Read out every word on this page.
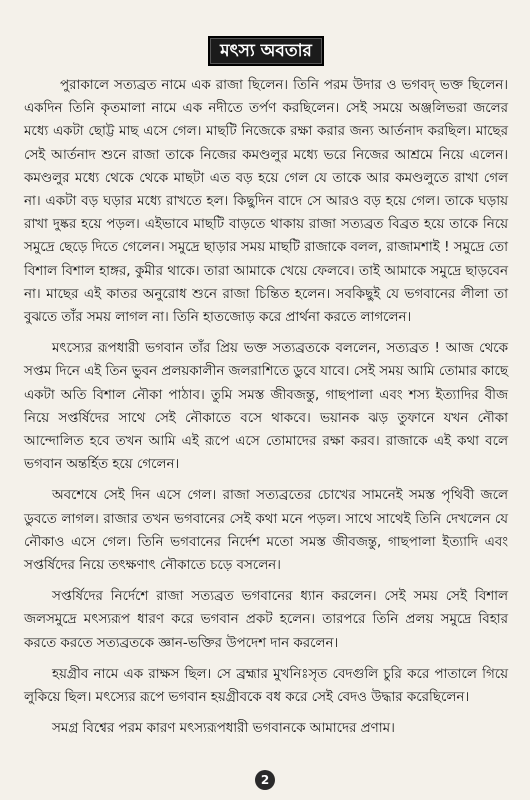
মৎস্য অবতার

পুরাকালে সত্যব্রত নামে এক রাজা ছিলেন। তিনি পরম উদার ও ভগবদ্ ভক্ত ছিলেন। একদিন তিনি কৃতমালা নামে এক নদীতে তর্পণ করছিলেন। সেই সময়ে অঞ্জলিভরা জলের মধ্যে একটা ছোট্ট মাছ এসে গেল। মাছটি নিজেকে রক্ষা করার জন্য আর্তনাদ করছিল। মাছের সেই আর্তনাদ শুনে রাজা তাকে নিজের কমণ্ডলুর মধ্যে ভরে নিজের আশ্রমে নিয়ে এলেন। কমণ্ডলুর মধ্যে থেকে থেকে মাছটা এত বড় হয়ে গেল যে তাকে আর কমণ্ডলুতে রাখা গেল না। একটা বড় ঘড়ার মধ্যে রাখতে হল। কিছুদিন বাদে সে আরও বড় হয়ে গেল। তাকে ঘড়ায় রাখা দুষ্কর হয়ে পড়ল। এইভাবে মাছটি বাড়তে থাকায় রাজা সত্যব্রত বিব্রত হয়ে তাকে নিয়ে সমুদ্রে ছেড়ে দিতে গেলেন। সমুদ্রে ছাড়ার সময় মাছটি রাজাকে বলল, রাজামশাই ! সমুদ্রে তো বিশাল বিশাল হাঙ্গর, কুমীর থাকে। তারা আমাকে খেয়ে ফেলবে। তাই আমাকে সমুদ্রে ছাড়বেন না। মাছের এই কাতর অনুরোধ শুনে রাজা চিন্তিত হলেন। সবকিছুই যে ভগবানের লীলা তা বুঝতে তাঁর সময় লাগল না। তিনি হাতজোড় করে প্রার্থনা করতে লাগলেন।

মৎস্যের রূপধারী ভগবান তাঁর প্রিয় ভক্ত সত্যব্রতকে বললেন, সত্যব্রত ! আজ থেকে সপ্তম দিনে এই তিন ভুবন প্রলয়কালীন জলরাশিতে ডুবে যাবে। সেই সময় আমি তোমার কাছে একটা অতি বিশাল নৌকা পাঠাব। তুমি সমস্ত জীবজন্তু, গাছপালা এবং শস্য ইত্যাদির বীজ নিয়ে সপ্তর্ষিদের সাথে সেই নৌকাতে বসে থাকবে। ভয়ানক ঝড় তুফানে যখন নৌকা আন্দোলিত হবে তখন আমি এই রূপে এসে তোমাদের রক্ষা করব। রাজাকে এই কথা বলে ভগবান অন্তর্হিত হয়ে গেলেন।

অবশেষে সেই দিন এসে গেল। রাজা সত্যব্রতের চোখের সামনেই সমস্ত পৃথিবী জলে ডুবতে লাগল। রাজার তখন ভগবানের সেই কথা মনে পড়ল। সাথে সাথেই তিনি দেখলেন যে নৌকাও এসে গেল। তিনি ভগবানের নির্দেশ মতো সমস্ত জীবজন্তু, গাছপালা ইত্যাদি এবং সপ্তর্ষিদের নিয়ে তৎক্ষণাৎ নৌকাতে চড়ে বসলেন।

সপ্তর্ষিদের নির্দেশে রাজা সত্যব্রত ভগবানের ধ্যান করলেন। সেই সময় সেই বিশাল জলসমুদ্রে মৎস্যরূপ ধারণ করে ভগবান প্রকট হলেন। তারপরে তিনি প্রলয় সমুদ্রে বিহার করতে করতে সত্যব্রতকে জ্ঞান-ভক্তির উপদেশ দান করলেন।

হয়গ্রীব নামে এক রাক্ষস ছিল। সে ব্রহ্মার মুখনিঃসৃত বেদগুলি চুরি করে পাতালে গিয়ে লুকিয়ে ছিল। মৎস্যের রূপে ভগবান হয়গ্রীবকে বধ করে সেই বেদও উদ্ধার করেছিলেন।

সমগ্র বিশ্বের পরম কারণ মৎস্যরূপধারী ভগবানকে আমাদের প্রণাম।

2
